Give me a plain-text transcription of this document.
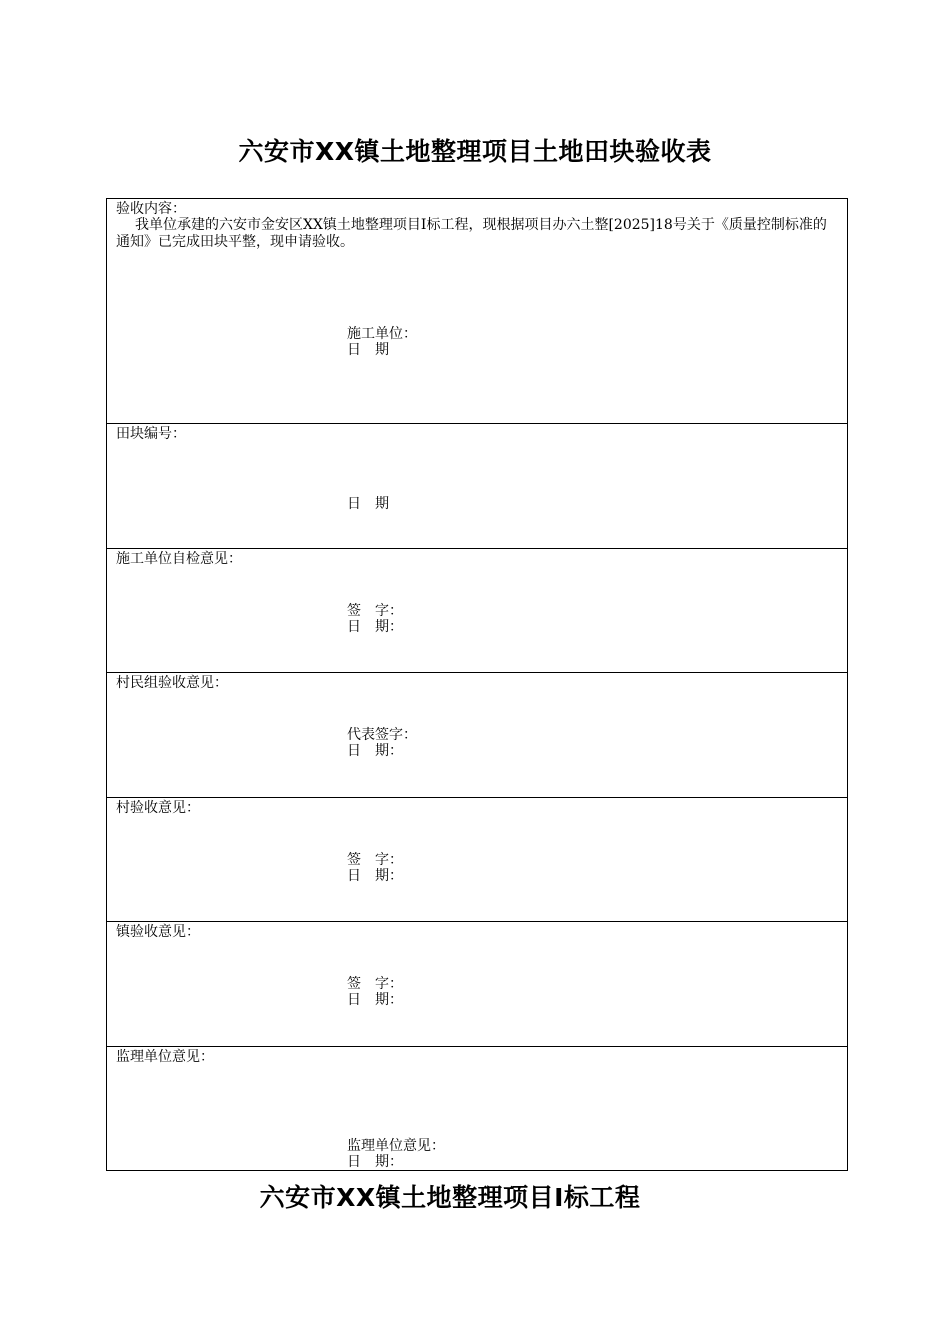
六安市XX镇土地整理项目土地田块验收表
验收内容：
我单位承建的六安市金安区XX镇土地整理项目Ⅰ标工程，现根据项目办六土整[2025]18号关于《质量控制标准的通知》已完成田块平整，现申请验收。
施工单位：
日　期
田块编号：
日　期
施工单位自检意见：
签　字：
日　期：
村民组验收意见：
代表签字：
日　期：
村验收意见：
签　字：
日　期：
镇验收意见：
签　字：
日　期：
监理单位意见：
监理单位意见：
日　期：
六安市XX镇土地整理项目Ⅰ标工程
